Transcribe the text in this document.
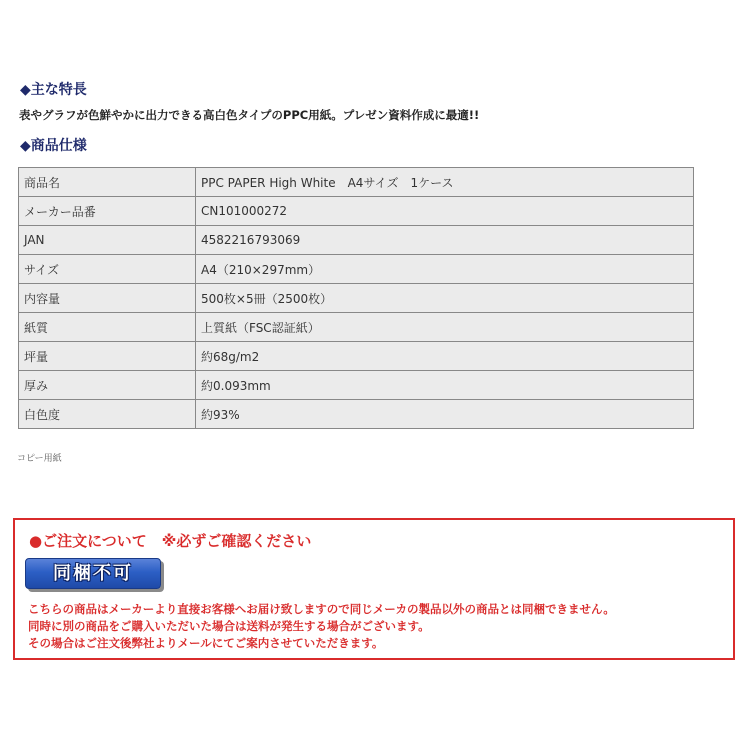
◆主な特長
表やグラフが色鮮やかに出力できる高白色タイプのPPC用紙。プレゼン資料作成に最適!!
◆商品仕様
商品名	PPC PAPER High White　A4サイズ　1ケース
メーカー品番	CN101000272
JAN	4582216793069
サイズ	A4（210×297mm）
内容量	500枚×5冊（2500枚）
紙質	上質紙（FSC認証紙）
坪量	約68g/m2
厚み	約0.093mm
白色度	約93%
コピー用紙
●ご注文について　※必ずご確認ください
同梱不可
こちらの商品はメーカーより直接お客様へお届け致しますので同じメーカの製品以外の商品とは同梱できません。
同時に別の商品をご購入いただいた場合は送料が発生する場合がございます。
その場合はご注文後弊社よりメールにてご案内させていただきます。
